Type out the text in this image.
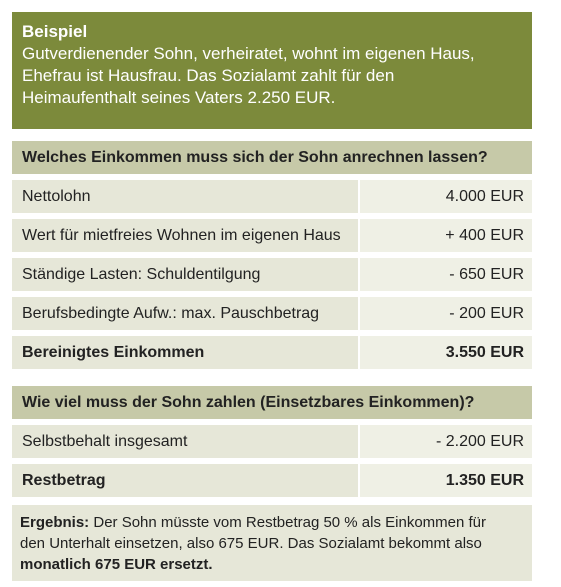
Beispiel
Gutverdienender Sohn, verheiratet, wohnt im eigenen Haus,
Ehefrau ist Hausfrau. Das Sozialamt zahlt für den
Heimaufenthalt seines Vaters 2.250 EUR.
Welches Einkommen muss sich der Sohn anrechnen lassen?
Nettolohn	4.000 EUR
Wert für mietfreies Wohnen im eigenen Haus	+ 400 EUR
Ständige Lasten: Schuldentilgung	- 650 EUR
Berufsbedingte Aufw.: max. Pauschbetrag	- 200 EUR
Bereinigtes Einkommen	3.550 EUR
Wie viel muss der Sohn zahlen (Einsetzbares Einkommen)?
Selbstbehalt insgesamt	- 2.200 EUR
Restbetrag	1.350 EUR
Ergebnis: Der Sohn müsste vom Restbetrag 50 % als Einkommen für
den Unterhalt einsetzen, also 675 EUR. Das Sozialamt bekommt also
monatlich 675 EUR ersetzt.
